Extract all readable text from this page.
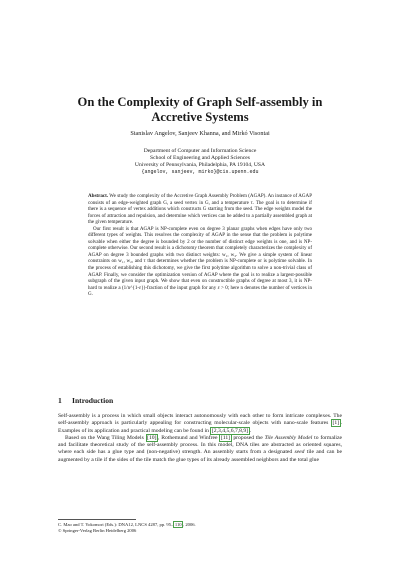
On the Complexity of Graph Self-assembly in
Accretive Systems
Stanislav Angelov, Sanjeev Khanna, and Mirkó Visontai
Department of Computer and Information Science
School of Engineering and Applied Sciences
University of Pennsylvania, Philadelphia, PA 19104, USA
{angelov, sanjeev, mirko}@cis.upenn.edu

Abstract. We study the complexity of the Accretive Graph Assembly Problem (AGAP). An instance of AGAP consists of an edge-weighted graph G, a seed vertex in G, and a temperature τ. The goal is to determine if there is a sequence of vertex additions which constructs G starting from the seed. The edge weights model the forces of attraction and repulsion, and determine which vertices can be added to a partially assembled graph at the given temperature.

Our first result is that AGAP is NP-complete even on degree 3 planar graphs when edges have only two different types of weights. This resolves the complexity of AGAP in the sense that the problem is polytime solvable when either the degree is bounded by 2 or the number of distinct edge weights is one, and is NP-complete otherwise. Our second result is a dichotomy theorem that completely characterizes the complexity of AGAP on degree 3 bounded graphs with two distinct weights: w₁, w₂. We give a simple system of linear constraints on w₁, w₂, and τ that determines whether the problem is NP-complete or is polytime solvable. In the process of establishing this dichotomy, we give the first polytime algorithm to solve a non-trivial class of AGAP. Finally, we consider the optimization version of AGAP where the goal is to realize a largest-possible subgraph of the given input graph. We show that even on constructible graphs of degree at most 3, it is NP-hard to realize a (1/n^{1-ε})-fraction of the input graph for any ε > 0; here n denotes the number of vertices in G.

1 Introduction

Self-assembly is a process in which small objects interact autonomously with each other to form intricate complexes. The self-assembly approach is particularly appealing for constructing molecular-scale objects with nano-scale features [1] . Examples of its application and practical modeling can be found in [2,3,4,5,6,7,8,9] .

Based on the Wang Tiling Models [10] , Rothemund and Winfree [11] proposed the Tile Assembly Model to formalize and facilitate theoretical study of the self-assembly process. In this model, DNA tiles are abstracted as oriented squares, where each side has a glue type and (non-negative) strength. An assembly starts from a designated seed tile and can be augmented by a tile if the sides of the tile match the glue types of its already assembled neighbors and the total glue

C. Mao and T. Yokomori (Eds.): DNA12, LNCS 4287, pp. 95– 110 , 2006.
© Springer-Verlag Berlin Heidelberg 2006
